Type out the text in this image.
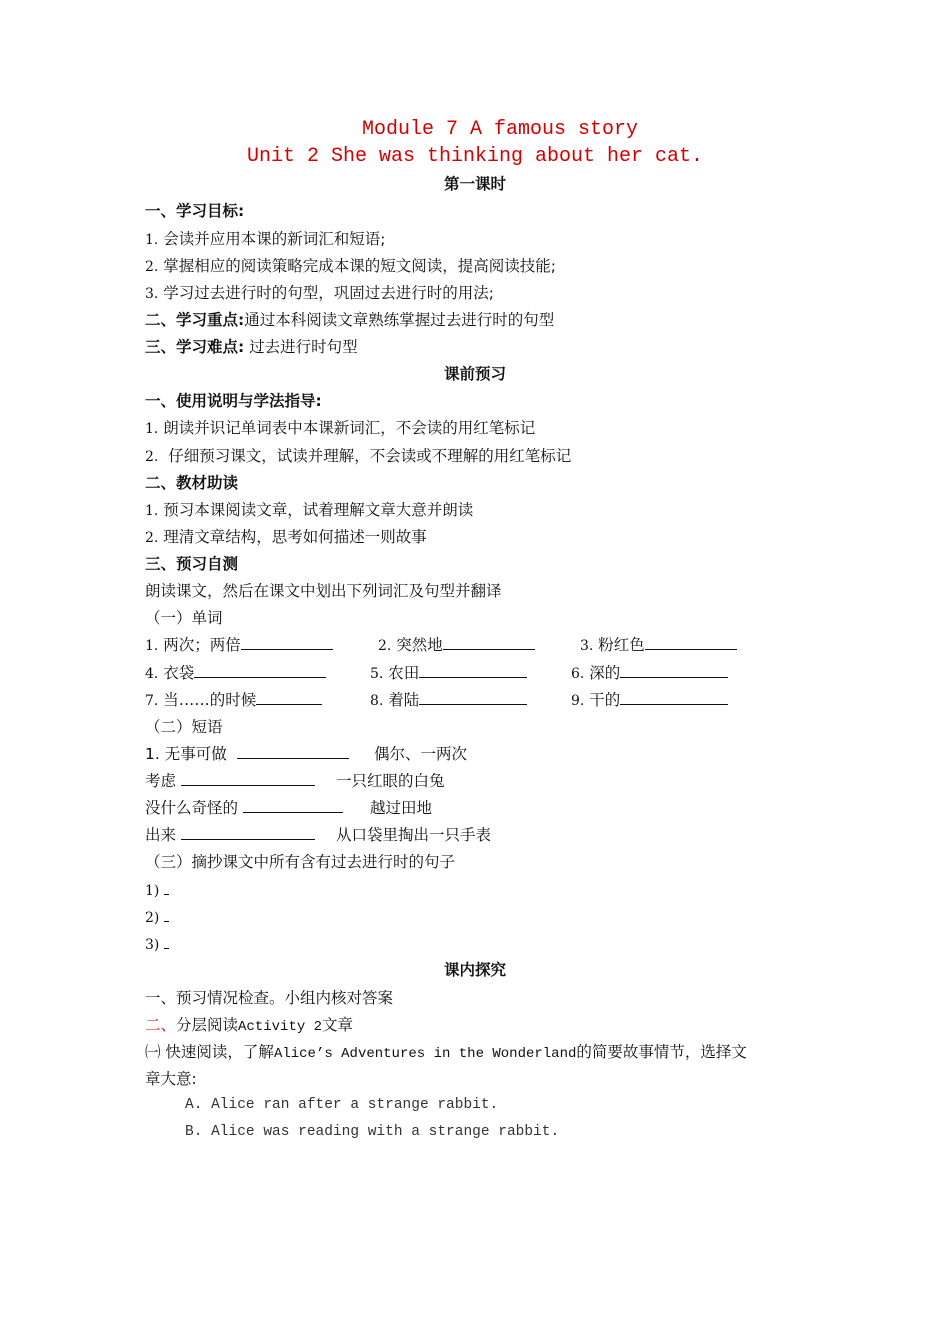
Module 7 A famous story
Unit 2 She was thinking about her cat.
第一课时
一、学习目标:
1. 会读并应用本课的新词汇和短语;
2. 掌握相应的阅读策略完成本课的短文阅读，提高阅读技能;
3. 学习过去进行时的句型，巩固过去进行时的用法;
二、学习重点:通过本科阅读文章熟练掌握过去进行时的句型
三、学习难点: 过去进行时句型
课前预习
一、使用说明与学法指导:
1. 朗读并识记单词表中本课新词汇，不会读的用红笔标记
2. 仔细预习课文，试读并理解，不会读或不理解的用红笔标记
二、教材助读
1. 预习本课阅读文章，试着理解文章大意并朗读
2. 理清文章结构，思考如何描述一则故事
三、预习自测
朗读课文，然后在课文中划出下列词汇及句型并翻译
（一）单词
1. 两次；两倍	2. 突然地	3. 粉红色
4. 衣袋	5. 农田	6. 深的
7. 当……的时候	8. 着陆	9. 干的
（二）短语
1. 无事可做	偶尔、一两次
考虑	一只红眼的白兔
没什么奇怪的	越过田地
出来	从口袋里掏出一只手表
（三）摘抄课文中所有含有过去进行时的句子
1)
2)
3)
课内探究
一、预习情况检查。小组内核对答案
二、分层阅读Activity 2文章
㈠ 快速阅读，了解Alice’s Adventures in the Wonderland的简要故事情节，选择文
章大意:
A. Alice ran after a strange rabbit.
B. Alice was reading with a strange rabbit.
